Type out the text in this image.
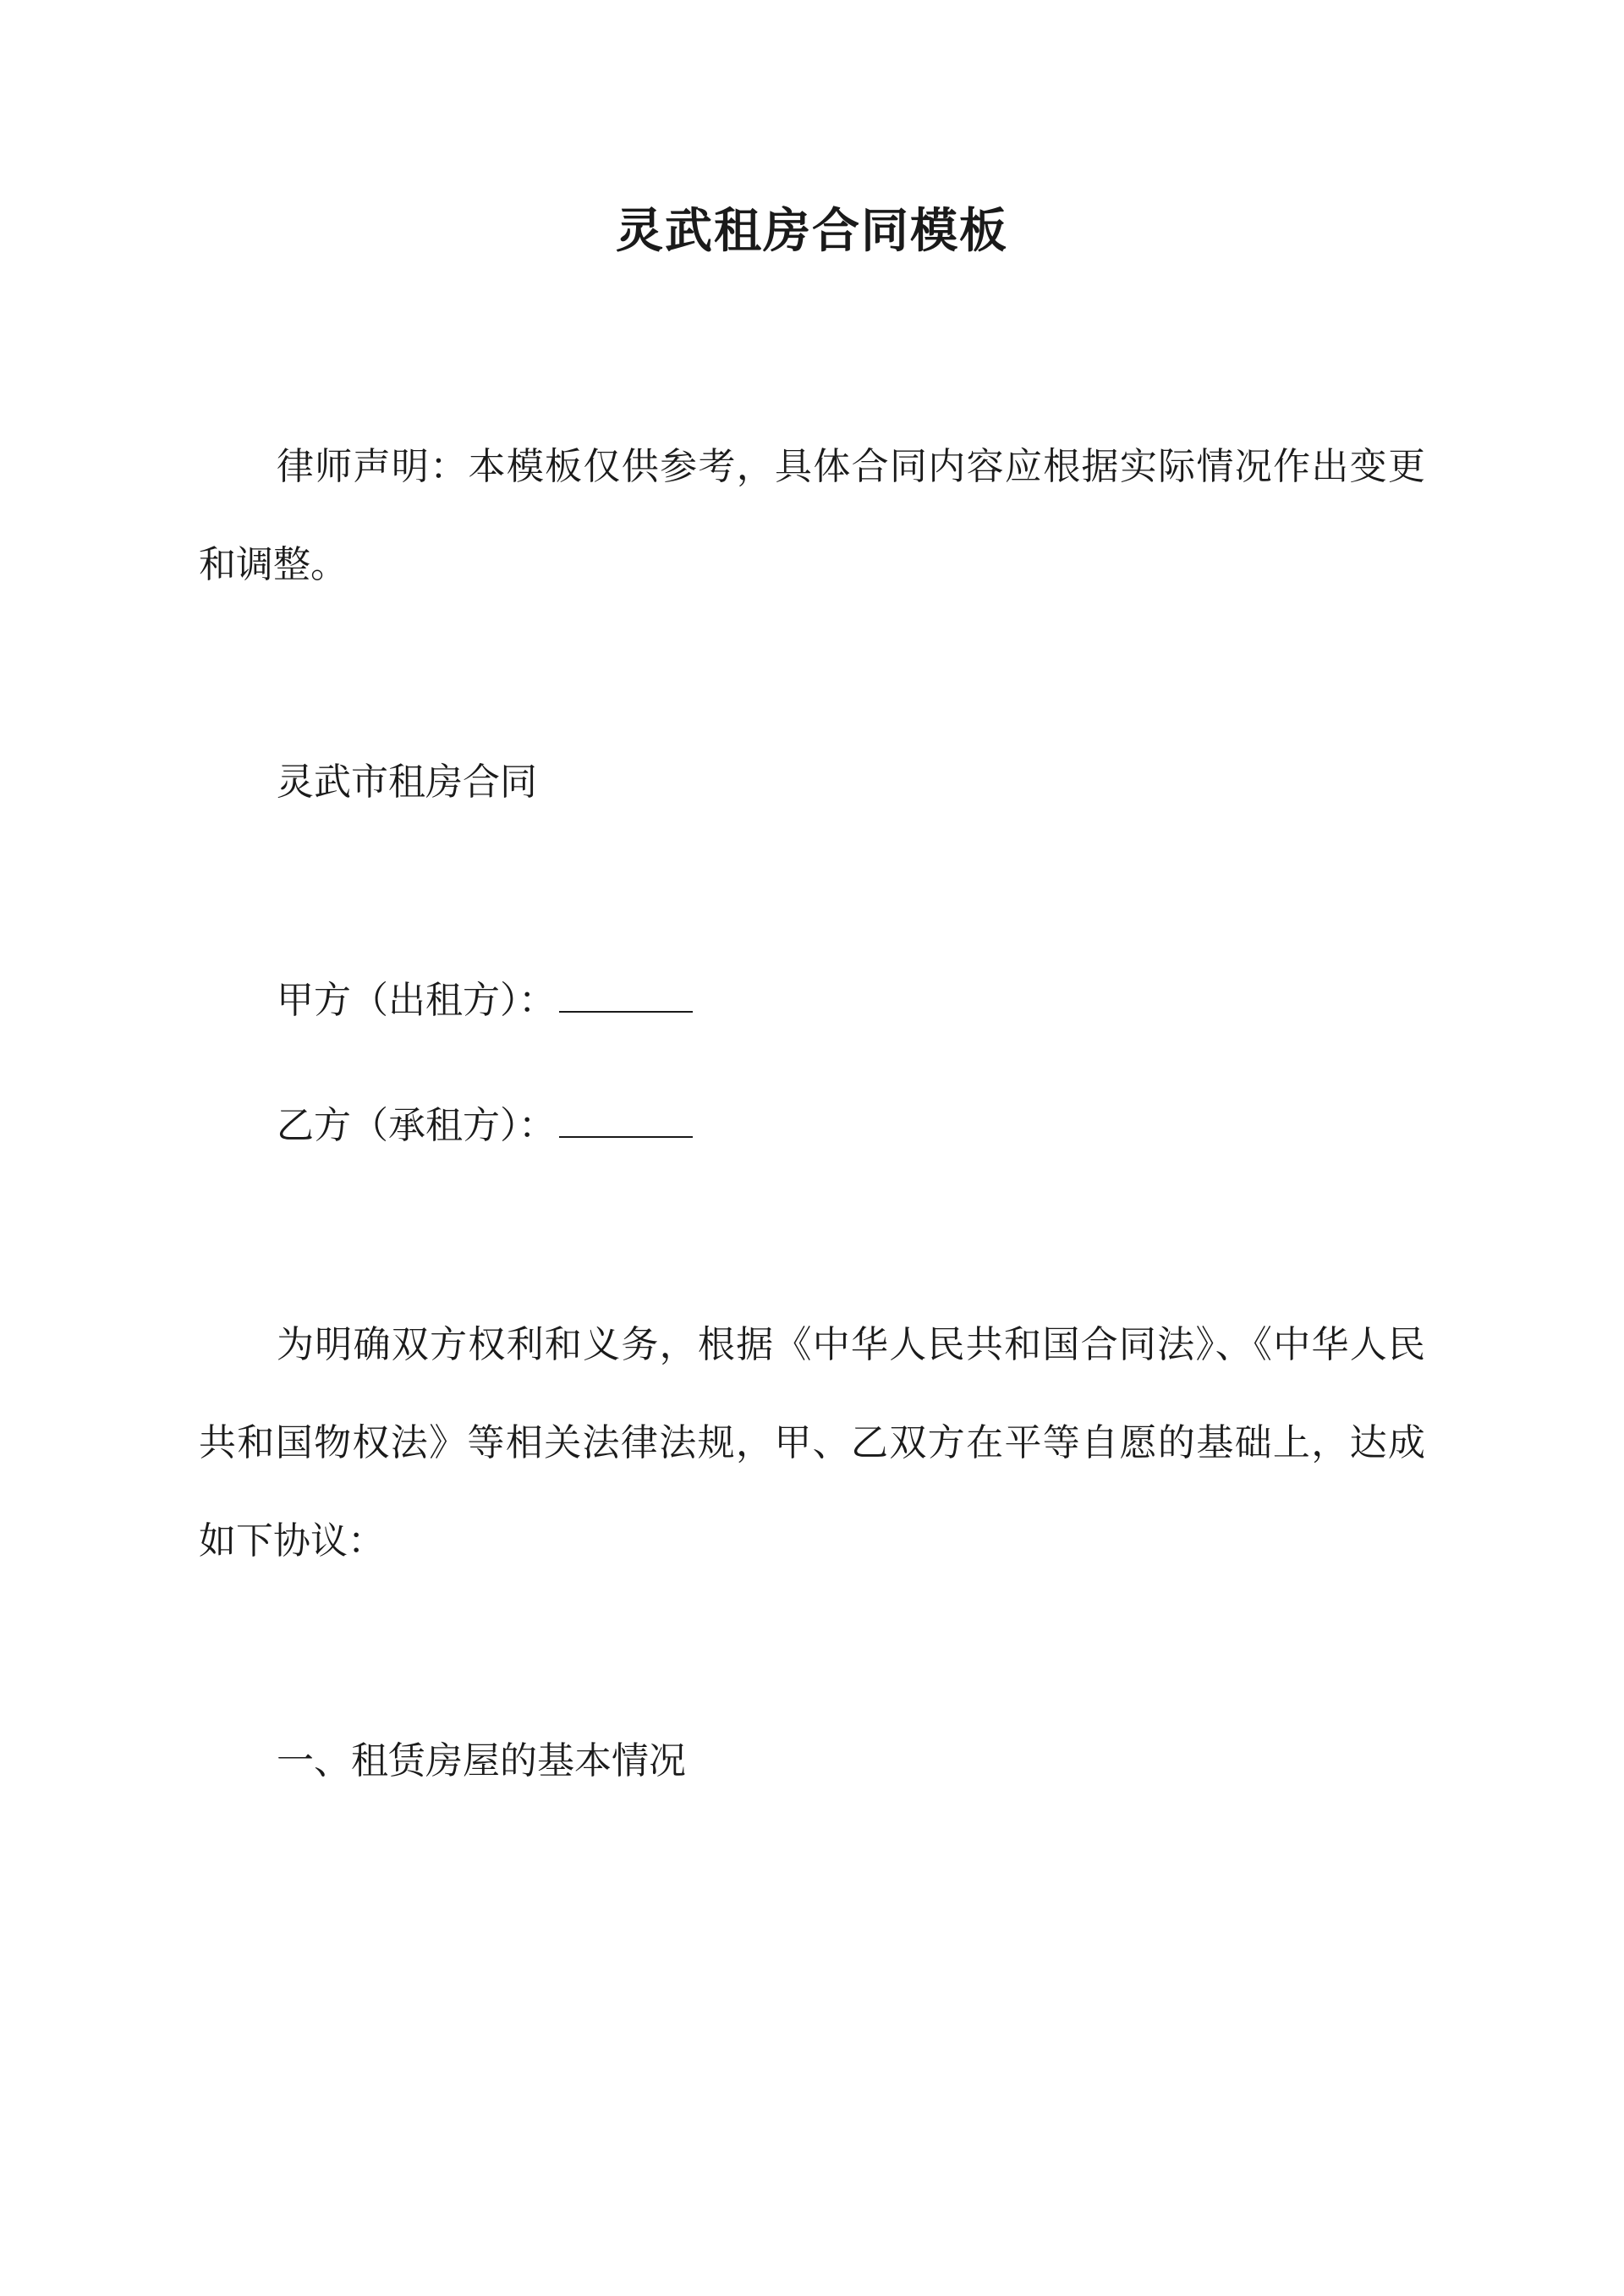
灵武租房合同模板

律师声明：本模板仅供参考，具体合同内容应根据实际情况作出变更和调整。

灵武市租房合同

甲方（出租方）：

乙方（承租方）：

为明确双方权利和义务，根据《中华人民共和国合同法》、《中华人民共和国物权法》等相关法律法规，甲、乙双方在平等自愿的基础上，达成如下协议：

一、租赁房屋的基本情况
